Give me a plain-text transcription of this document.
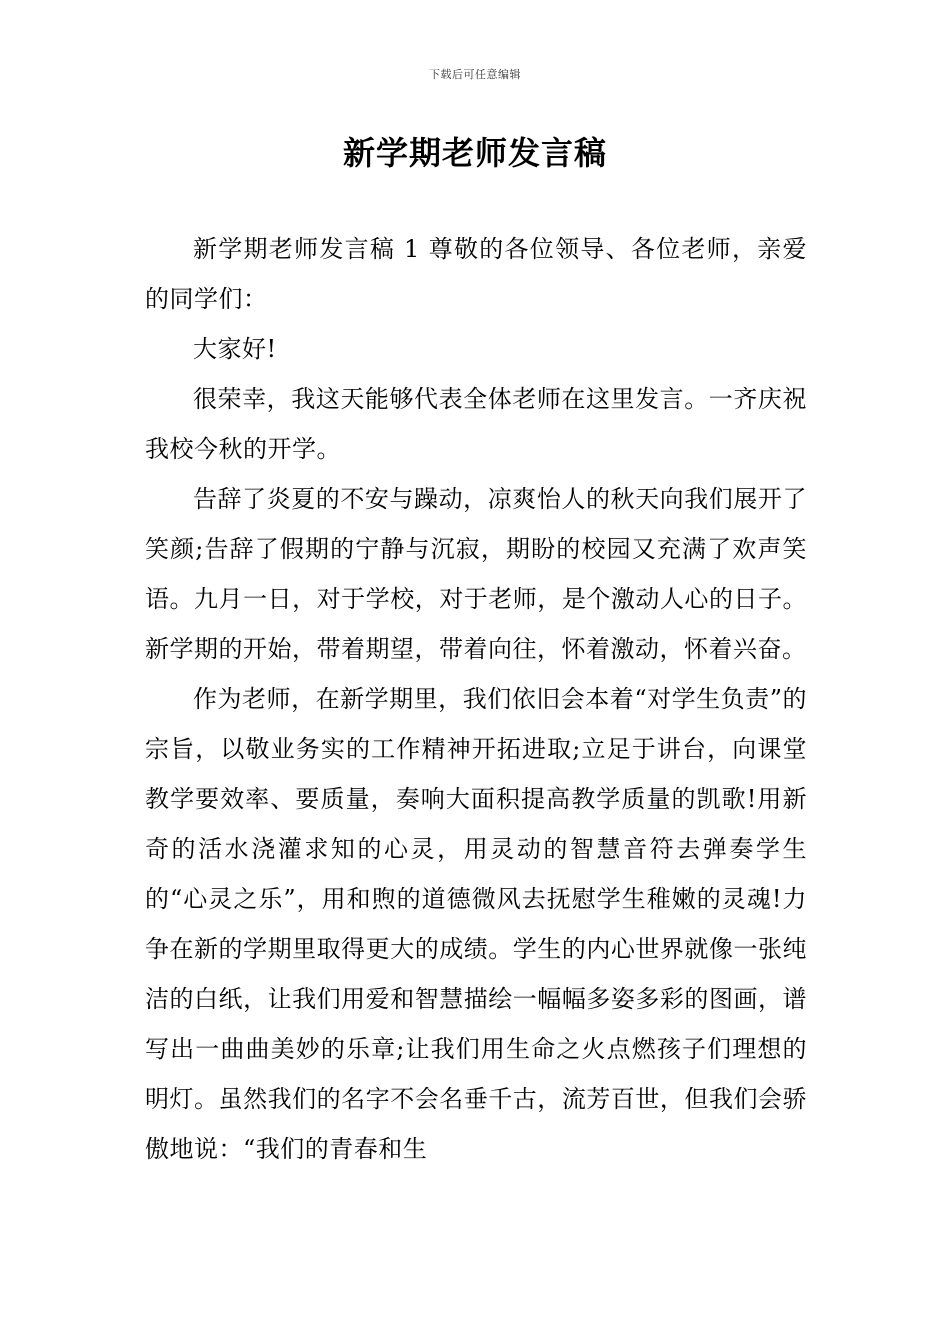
下载后可任意编辑
新学期老师发言稿

新学期老师发言稿 1 尊敬的各位领导、各位老师，亲爱的同学们：

大家好!

很荣幸，我这天能够代表全体老师在这里发言。一齐庆祝我校今秋的开学。

告辞了炎夏的不安与躁动，凉爽怡人的秋天向我们展开了笑颜;告辞了假期的宁静与沉寂，期盼的校园又充满了欢声笑语。九月一日，对于学校，对于老师，是个激动人心的日子。新学期的开始，带着期望，带着向往，怀着激动，怀着兴奋。

作为老师，在新学期里，我们依旧会本着“对学生负责”的宗旨，以敬业务实的工作精神开拓进取;立足于讲台，向课堂教学要效率、要质量，奏响大面积提高教学质量的凯歌!用新奇的活水浇灌求知的心灵，用灵动的智慧音符去弹奏学生的“心灵之乐”，用和煦的道德微风去抚慰学生稚嫩的灵魂!力争在新的学期里取得更大的成绩。学生的内心世界就像一张纯洁的白纸，让我们用爱和智慧描绘一幅幅多姿多彩的图画，谱写出一曲曲美妙的乐章;让我们用生命之火点燃孩子们理想的明灯。虽然我们的名字不会名垂千古，流芳百世，但我们会骄傲地说：“我们的青春和生
